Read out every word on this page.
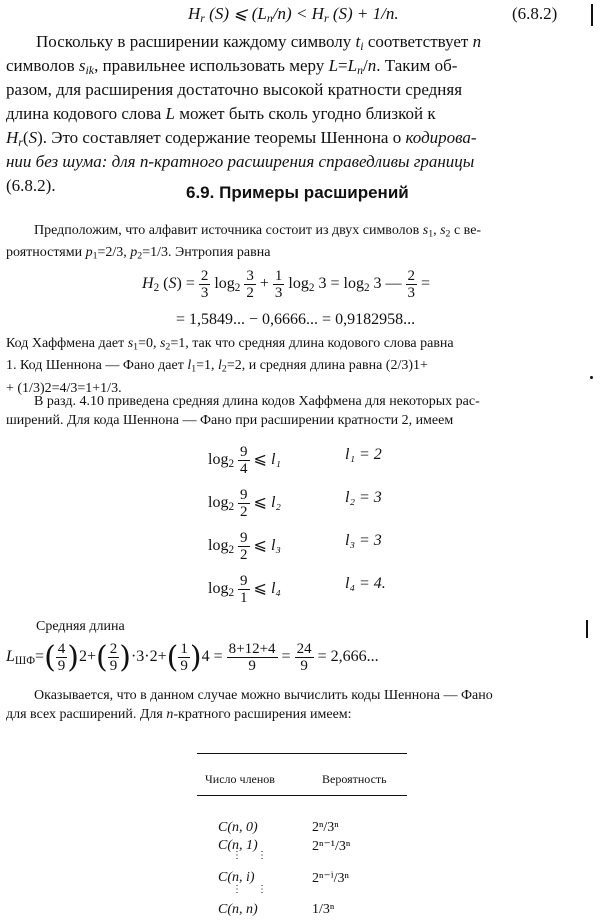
$H_r$ (S) ⩽ $(L_n/n) < H_r$ (S) + 1/n.	(6.8.2)
Поскольку в расширении каждому символу $t_i$ соответствует n
символов $s_{ik}$, правильнее использовать меру $L=L_n/n$. Таким об-
разом, для расширения достаточно высокой кратности средняя
длина кодового слова L может быть сколь угодно близкой к
$H_r(S)$. Это составляет содержание теоремы Шеннона о кодирова-
нии без шума: для n-кратного расширения справедливы границы
(6.8.2).	6.9. Примеры расширений
Предположим, что алфавит источника состоит из двух символов $s_1$, $s_2$ с ве-
роятностями $p_1=2/3$, $p_2=1/3$. Энтропия равна
$H_2$ $(S) = \frac{2}{3} \log_2 \frac{3}{2} + \frac{1}{3} \log_2 3 = \log_2 3$ — $\frac{2}{3}$ =
= 1,5849... − 0,6666... = 0,9182958...
Код Хаффмена дает $s_1=0$, $s_2=1$, так что средняя длина кодового слова равна
1. Код Шеннона — Фано дает $l_1=1$, $l_2=2$, и средняя длина равна (2/3)1+
+ (1/3)2=4/3=1+1/3.
В разд. 4.10 приведена средняя длина кодов Хаффмена для некоторых рас-
ширений. Для кода Шеннона — Фано при расширении кратности 2, имеем
$\log_2 \frac{9}{4}$ ⩽ l₁	l₁ = 2
$\log_2 \frac{9}{2}$ ⩽ l₂	l₂ = 3
$\log_2 \frac{9}{2}$ ⩽ l₃	l₃ = 3
$\log_2 \frac{9}{1}$ ⩽ l₄	l₄ = 4.
Средняя длина
$L_{ШФ}=( \frac{4}{9} )2+( \frac{2}{9} )\cdot 3\cdot 2+( \frac{1}{9} )4 = \frac{8+12+4}{9} = \frac{24}{9} = 2,666$...
Оказывается, что в данном случае можно вычислить коды Шеннона — Фано
для всех расширений. Для n-кратного расширения имеем:
Число членов	Вероятность
C(n, 0)	2ⁿ/3ⁿ
C(n, 1)	2ⁿ⁻¹/3ⁿ
⋮      ⋮
C(n, i)	2ⁿ⁻ⁱ/3ⁿ
⋮      ⋮
C(n, n)	1/3ⁿ
